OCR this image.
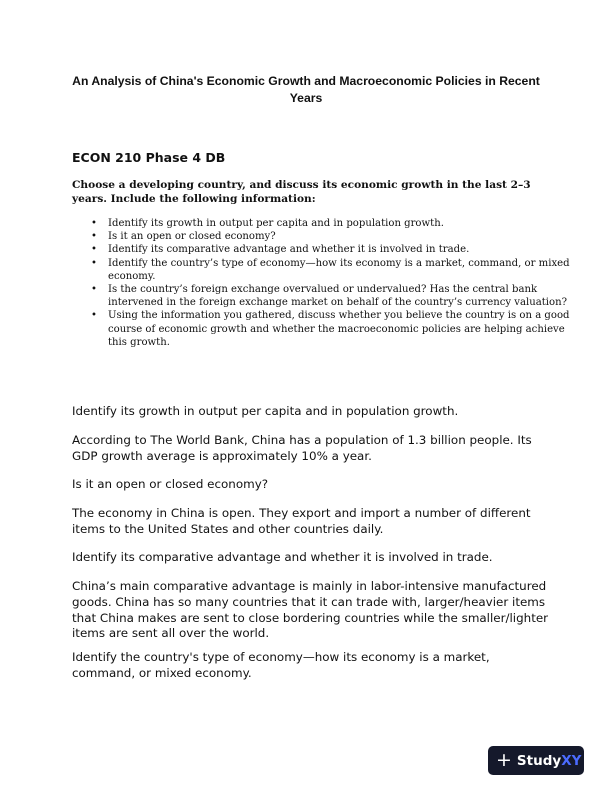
An Analysis of China's Economic Growth and Macroeconomic Policies in Recent Years
ECON 210 Phase 4 DB
Choose a developing country, and discuss its economic growth in the last 2–3 years. Include the following information:
• Identify its growth in output per capita and in population growth.
• Is it an open or closed economy?
• Identify its comparative advantage and whether it is involved in trade.
• Identify the country’s type of economy—how its economy is a market, command, or mixed economy.
• Is the country’s foreign exchange overvalued or undervalued? Has the central bank intervened in the foreign exchange market on behalf of the country’s currency valuation?
• Using the information you gathered, discuss whether you believe the country is on a good course of economic growth and whether the macroeconomic policies are helping achieve this growth.

Identify its growth in output per capita and in population growth.

According to The World Bank, China has a population of 1.3 billion people. Its GDP growth average is approximately 10% a year.

Is it an open or closed economy?

The economy in China is open. They export and import a number of different items to the United States and other countries daily.

Identify its comparative advantage and whether it is involved in trade.

China’s main comparative advantage is mainly in labor-intensive manufactured goods. China has so many countries that it can trade with, larger/heavier items that China makes are sent to close bordering countries while the smaller/lighter items are sent all over the world.

Identify the country's type of economy—how its economy is a market, command, or mixed economy.

+ StudyXY
